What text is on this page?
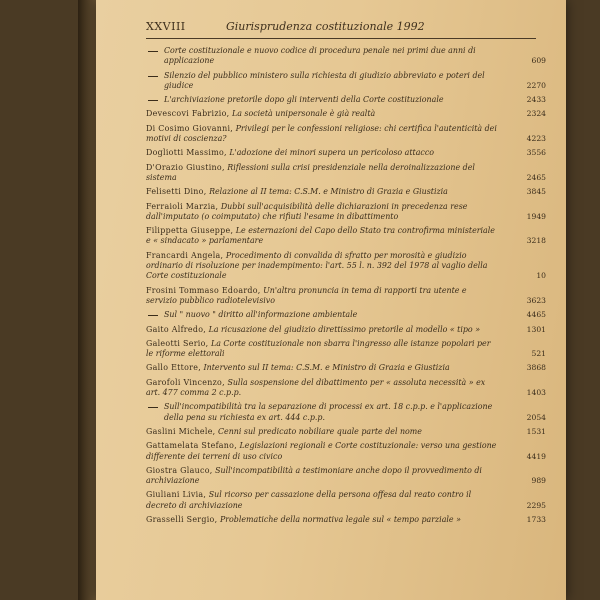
XXVIII	Giurisprudenza costituzionale 1992
Corte costituzionale e nuovo codice di procedura penale nei primi due anni di applicazione	609
Silenzio del pubblico ministero sulla richiesta di giudizio abbreviato e poteri del giudice	2270
L'archiviazione pretorile dopo gli interventi della Corte costituzionale	2433
Devescovi Fabrizio, La società unipersonale è già realtà	2324
Di Cosimo Giovanni, Privilegi per le confessioni religiose: chi certifica l'autenticità dei motivi di coscienza?	4223
Dogliotti Massimo, L'adozione dei minori supera un pericoloso attacco	3556
D'Orazio Giustino, Riflessioni sulla crisi presidenziale nella deroinalizzazione del sistema	2465
Felisetti Dino, Relazione al II tema: C.S.M. e Ministro di Grazia e Giustizia	3845
Ferraioli Marzia, Dubbi sull'acquisibilità delle dichiarazioni in precedenza rese dall'imputato (o coimputato) che rifiuti l'esame in dibattimento	1949
Filippetta Giuseppe, Le esternazioni del Capo dello Stato tra controfirma ministeriale e « sindacato » parlamentare	3218
Francardi Angela, Procedimento di convalida di sfratto per morosità e giudizio ordinario di risoluzione per inadempimento: l'art. 55 l. n. 392 del 1978 al vaglio della Corte costituzionale	10
Frosini Tommaso Edoardo, Un'altra pronuncia in tema di rapporti tra utente e servizio pubblico radiotelevisivo	3623
Sul " nuovo " diritto all'informazione ambientale	4465
Gaito Alfredo, La ricusazione del giudizio direttissimo pretorile al modello « tipo »	1301
Galeotti Serio, La Corte costituzionale non sbarra l'ingresso alle istanze popolari per le riforme elettorali	521
Gallo Ettore, Intervento sul II tema: C.S.M. e Ministro di Grazia e Giustizia	3868
Garofoli Vincenzo, Sulla sospensione del dibattimento per « assoluta necessità » ex art. 477 comma 2 c.p.p.	1403
Sull'incompatibilità tra la separazione di processi ex art. 18 c.p.p. e l'applicazione della pena su richiesta ex art. 444 c.p.p.	2054
Gaslini Michele, Cenni sul predicato nobiliare quale parte del nome	1531
Gattamelata Stefano, Legislazioni regionali e Corte costituzionale: verso una gestione differente dei terreni di uso civico	4419
Giostra Glauco, Sull'incompatibilità a testimoniare anche dopo il provvedimento di archiviazione	989
Giuliani Livia, Sul ricorso per cassazione della persona offesa dal reato contro il decreto di archiviazione	2295
Grasselli Sergio, Problematiche della normativa legale sul « tempo parziale »	1733
